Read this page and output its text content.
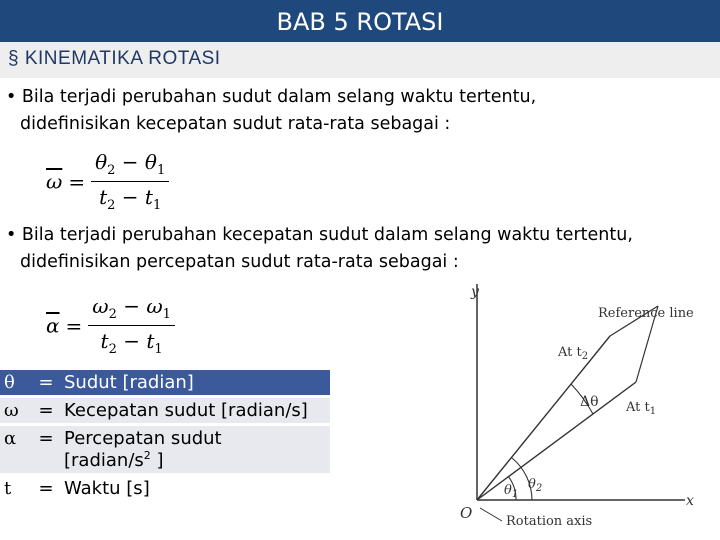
BAB 5 ROTASI
§ KINEMATIKA ROTASI

• Bila terjadi perubahan sudut dalam selang waktu tertentu,
didefinisikan kecepatan sudut rata-rata sebagai :

$\overline{\omega} = \frac{\theta_2 - \theta_1}{t_2 - t_1}$

• Bila terjadi perubahan kecepatan sudut dalam selang waktu tertentu,
didefinisikan percepatan sudut rata-rata sebagai :

$\overline{\alpha} = \frac{\omega_2 - \omega_1}{t_2 - t_1}$
θ	=	Sudut [radian]
ω	=	Kecepatan sudut [radian/s]
α	=	Percepatan sudut
[$radian/s^2$ ]
t	=	Waktu [s]
y
x
O
Reference line
At $t_2$
At $t_1$
Δθ
$\theta_1$
$\theta_2$
Rotation axis
